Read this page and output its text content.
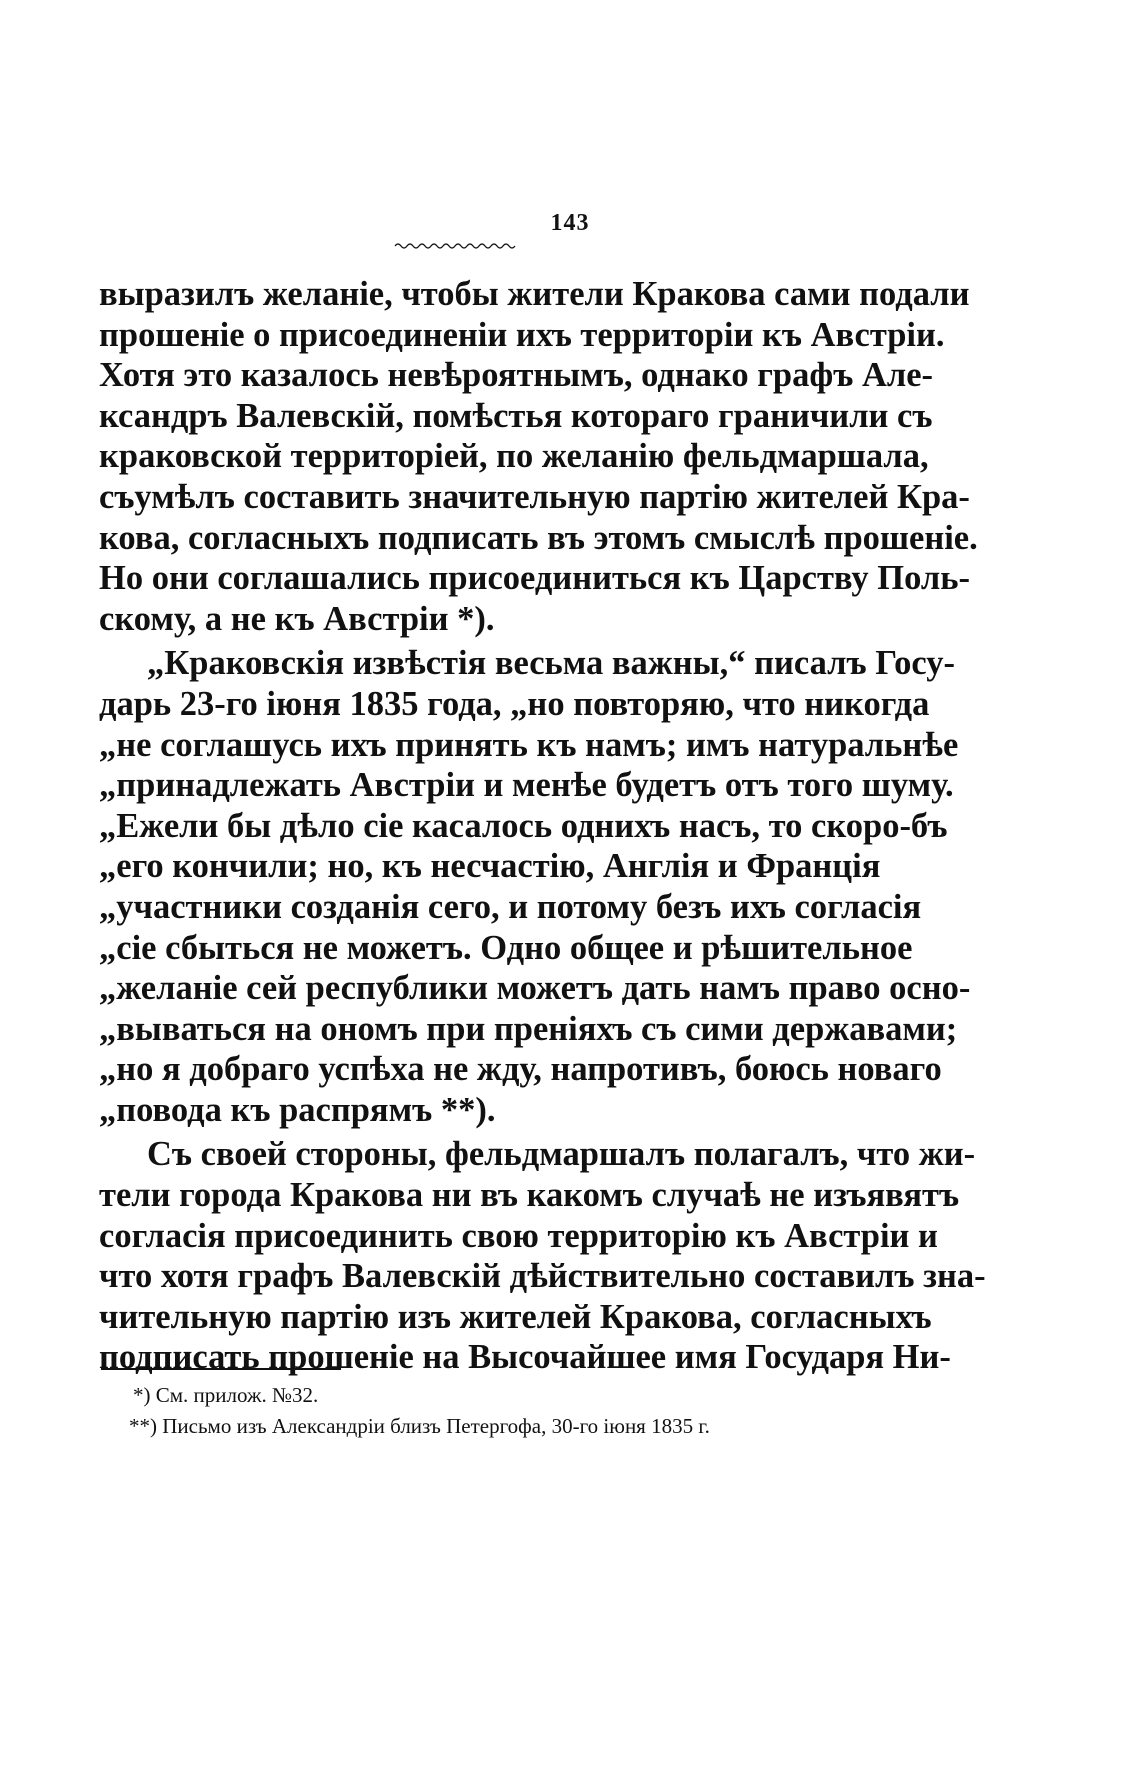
143
выразилъ желаніе, чтобы жители Кракова сами подали
прошеніе о присоединеніи ихъ территоріи къ Австріи.
Хотя это казалось невѣроятнымъ, однако графъ Але-
ксандръ Валевскій, помѣстья котораго граничили съ
краковской территоріей, по желанію фельдмаршала,
съумѣлъ составить значительную партію жителей Кра-
кова, согласныхъ подписать въ этомъ смыслѣ прошеніе.
Но они соглашались присоединиться къ Царству Поль-
скому, а не къ Австріи *).
„Краковскія извѣстія весьма важны,“ писалъ Госу-
дарь 23-го іюня 1835 года, „но повторяю, что никогда
„не соглашусь ихъ принять къ намъ; имъ натуральнѣе
„принадлежать Австріи и менѣе будетъ отъ того шуму.
„Ежели бы дѣло сіе касалось однихъ насъ, то скоро-бъ
„его кончили; но, къ несчастію, Англія и Франція
„участники созданія сего, и потому безъ ихъ согласія
„сіе сбыться не можетъ. Одно общее и рѣшительное
„желаніе сей республики можетъ дать намъ право осно-
„вываться на ономъ при преніяхъ съ сими державами;
„но я добраго успѣха не жду, напротивъ, боюсь новаго
„повода къ распрямъ **).
Съ своей стороны, фельдмаршалъ полагалъ, что жи-
тели города Кракова ни въ какомъ случаѣ не изъявятъ
согласія присоединить свою территорію къ Австріи и
что хотя графъ Валевскій дѣйствительно составилъ зна-
чительную партію изъ жителей Кракова, согласныхъ
подписать прошеніе на Высочайшее имя Государя Ни-
*) См. прилож. №32.
**) Письмо изъ Александріи близъ Петергофа, 30-го іюня 1835 г.
